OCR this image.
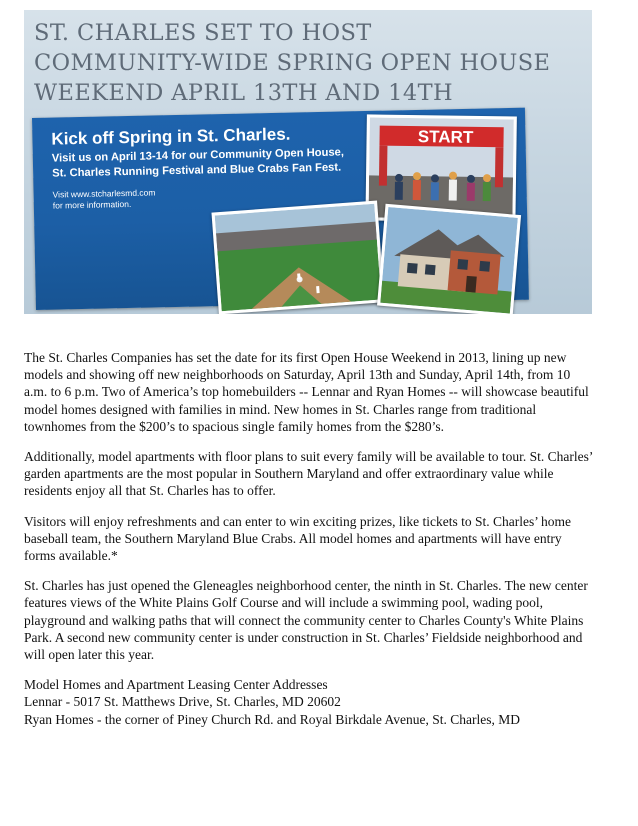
ST. CHARLES SET TO HOST
COMMUNITY-WIDE SPRING OPEN HOUSE
WEEKEND APRIL 13TH AND 14TH
Kick off Spring in St. Charles.
Visit us on April 13-14 for our Community Open House,
St. Charles Running Festival and Blue Crabs Fan Fest.
Visit www.stcharlesmd.com
for more information.
START

The St. Charles Companies has set the date for its first Open House Weekend in 2013, lining up new models and showing off new neighborhoods on Saturday, April 13th and Sunday, April 14th, from 10 a.m. to 6 p.m. Two of America’s top homebuilders -- Lennar and Ryan Homes -- will showcase beautiful model homes designed with families in mind. New homes in St. Charles range from traditional townhomes from the $200’s to spacious single family homes from the $280’s.

Additionally, model apartments with floor plans to suit every family will be available to tour. St. Charles’ garden apartments are the most popular in Southern Maryland and offer extraordinary value while residents enjoy all that St. Charles has to offer.

Visitors will enjoy refreshments and can enter to win exciting prizes, like tickets to St. Charles’ home baseball team, the Southern Maryland Blue Crabs. All model homes and apartments will have entry forms available.*

St. Charles has just opened the Gleneagles neighborhood center, the ninth in St. Charles. The new center features views of the White Plains Golf Course and will include a swimming pool, wading pool, playground and walking paths that will connect the community center to Charles County's White Plains Park. A second new community center is under construction in St. Charles’ Fieldside neighborhood and will open later this year.

Model Homes and Apartment Leasing Center Addresses

Lennar - 5017 St. Matthews Drive, St. Charles, MD 20602

Ryan Homes - the corner of Piney Church Rd. and Royal Birkdale Avenue, St. Charles, MD
